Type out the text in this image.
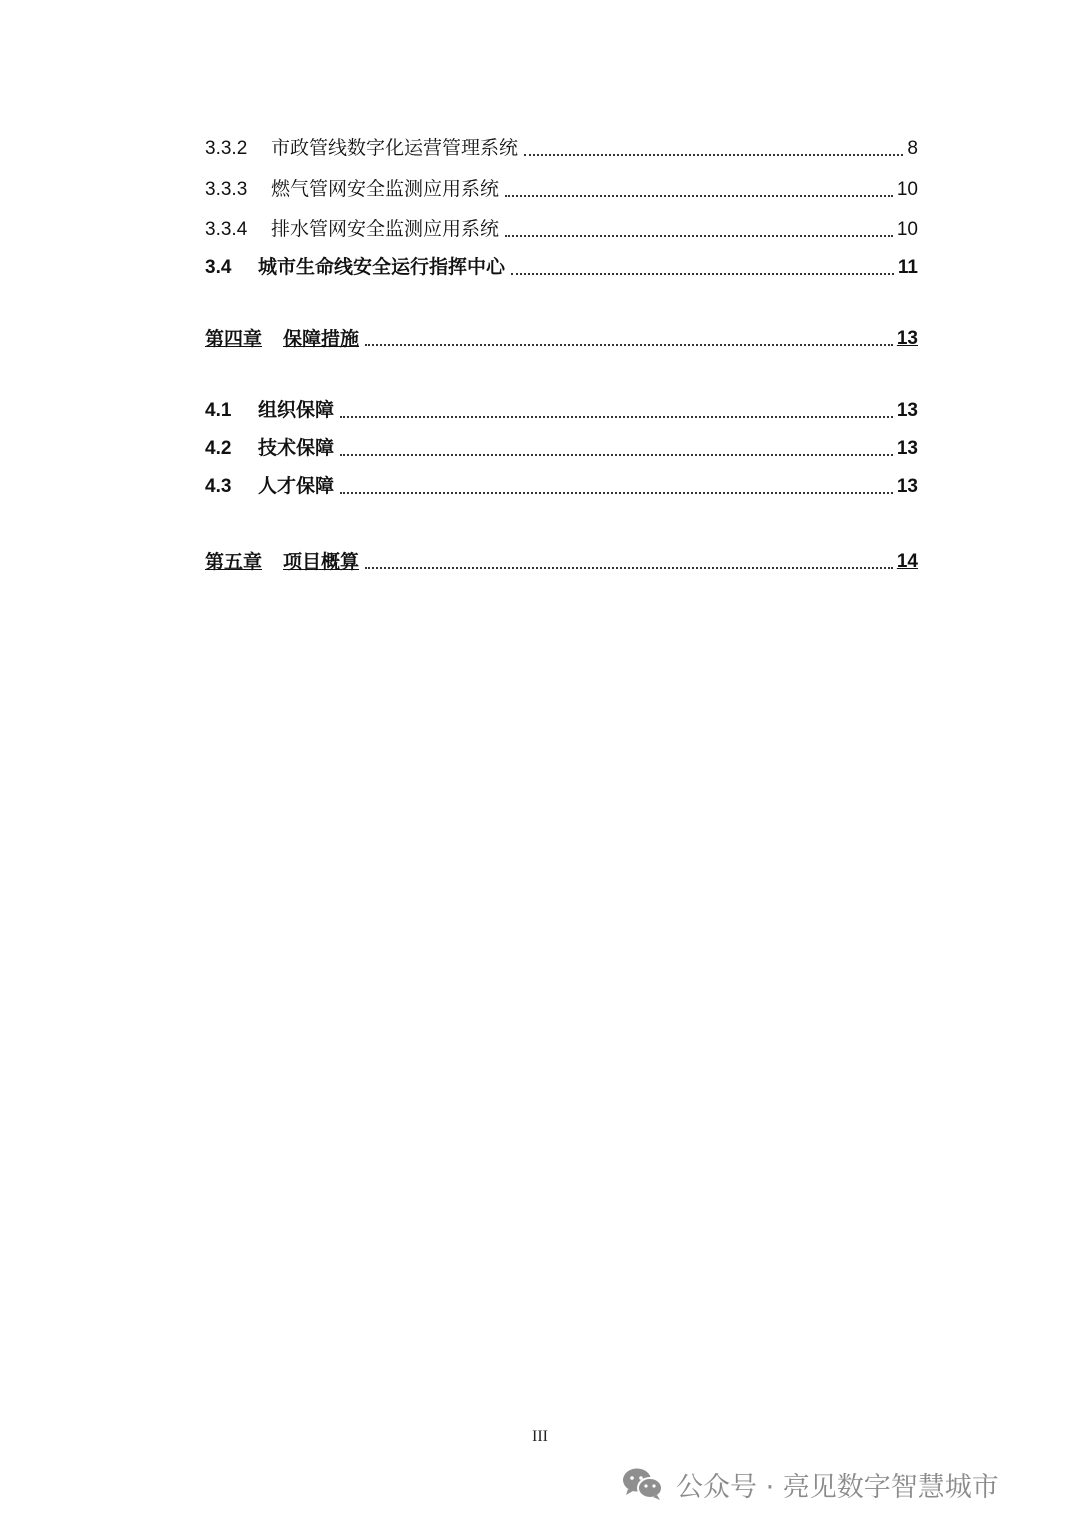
3.3.2	市政管线数字化运营管理系统	8
3.3.3	燃气管网安全监测应用系统	10
3.3.4	排水管网安全监测应用系统	10
3.4	城市生命线安全运行指挥中心	11
第四章	保障措施	13
4.1	组织保障	13
4.2	技术保障	13
4.3	人才保障	13
第五章	项目概算	14
III
公众号 · 亮见数字智慧城市
